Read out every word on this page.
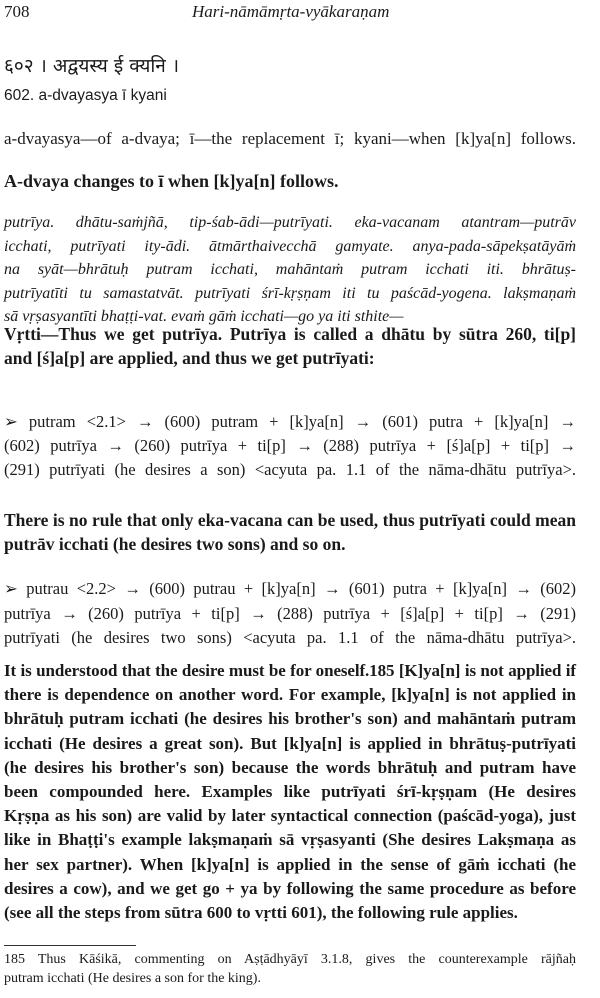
708	Hari-nāmāmṛta-vyākaraṇam
६०२ । अद्वयस्य ई क्यनि ।
602. a-dvayasya ī kyani
a-dvayasya—of a-dvaya; ī—the replacement ī; kyani—when [k]ya[n] follows.
A-dvaya changes to ī when [k]ya[n] follows.
putrīya. dhātu-saṁjñā, tip-śab-ādi—putrīyati. eka-vacanam atantram—putrāv
icchati, putrīyati ity-ādi. ātmārthaivecchā gamyate. anya-pada-sāpekṣatāyāṁ
na syāt—bhrātuḥ putram icchati, mahāntaṁ putram icchati iti. bhrātuṣ-
putrīyatīti tu samastatvāt. putrīyati śrī-kṛṣṇam iti tu paścād-yogena. lakṣmaṇaṁ
sā vṛṣasyantīti bhaṭṭi-vat. evaṁ gāṁ icchati—go ya iti sthite—
Vṛtti—Thus we get putrīya. Putrīya is called a dhātu by sūtra 260, ti[p]
and [ś]a[p] are applied, and thus we get putrīyati:
➢ putram <2.1> → (600) putram + [k]ya[n] → (601) putra + [k]ya[n] →
(602) putrīya → (260) putrīya + ti[p] → (288) putrīya + [ś]a[p] + ti[p] →
(291) putrīyati (he desires a son) <acyuta pa. 1.1 of the nāma-dhātu putrīya>.
There is no rule that only eka-vacana can be used, thus putrīyati could mean
putrāv icchati (he desires two sons) and so on.
➢ putrau <2.2> → (600) putrau + [k]ya[n] → (601) putra + [k]ya[n] → (602)
putrīya → (260) putrīya + ti[p] → (288) putrīya + [ś]a[p] + ti[p] → (291)
putrīyati (he desires two sons) <acyuta pa. 1.1 of the nāma-dhātu putrīya>.
It is understood that the desire must be for oneself.185 [K]ya[n] is not applied if
there is dependence on another word. For example, [k]ya[n] is not applied in
bhrātuḥ putram icchati (he desires his brother's son) and mahāntaṁ putram
icchati (He desires a great son). But [k]ya[n] is applied in bhrātuṣ-putrīyati
(he desires his brother's son) because the words bhrātuḥ and putram have
been compounded here. Examples like putrīyati śrī-kṛṣṇam (He desires
Kṛṣṇa as his son) are valid by later syntactical connection (paścād-yoga), just
like in Bhaṭṭi's example lakṣmaṇaṁ sā vṛṣasyanti (She desires Lakṣmaṇa as
her sex partner). When [k]ya[n] is applied in the sense of gāṁ icchati (he
desires a cow), and we get go + ya by following the same procedure as before
(see all the steps from sūtra 600 to vṛtti 601), the following rule applies.
185 Thus Kāśikā, commenting on Aṣṭādhyāyī 3.1.8, gives the counterexample rājñaḥ
putram icchati (He desires a son for the king).
